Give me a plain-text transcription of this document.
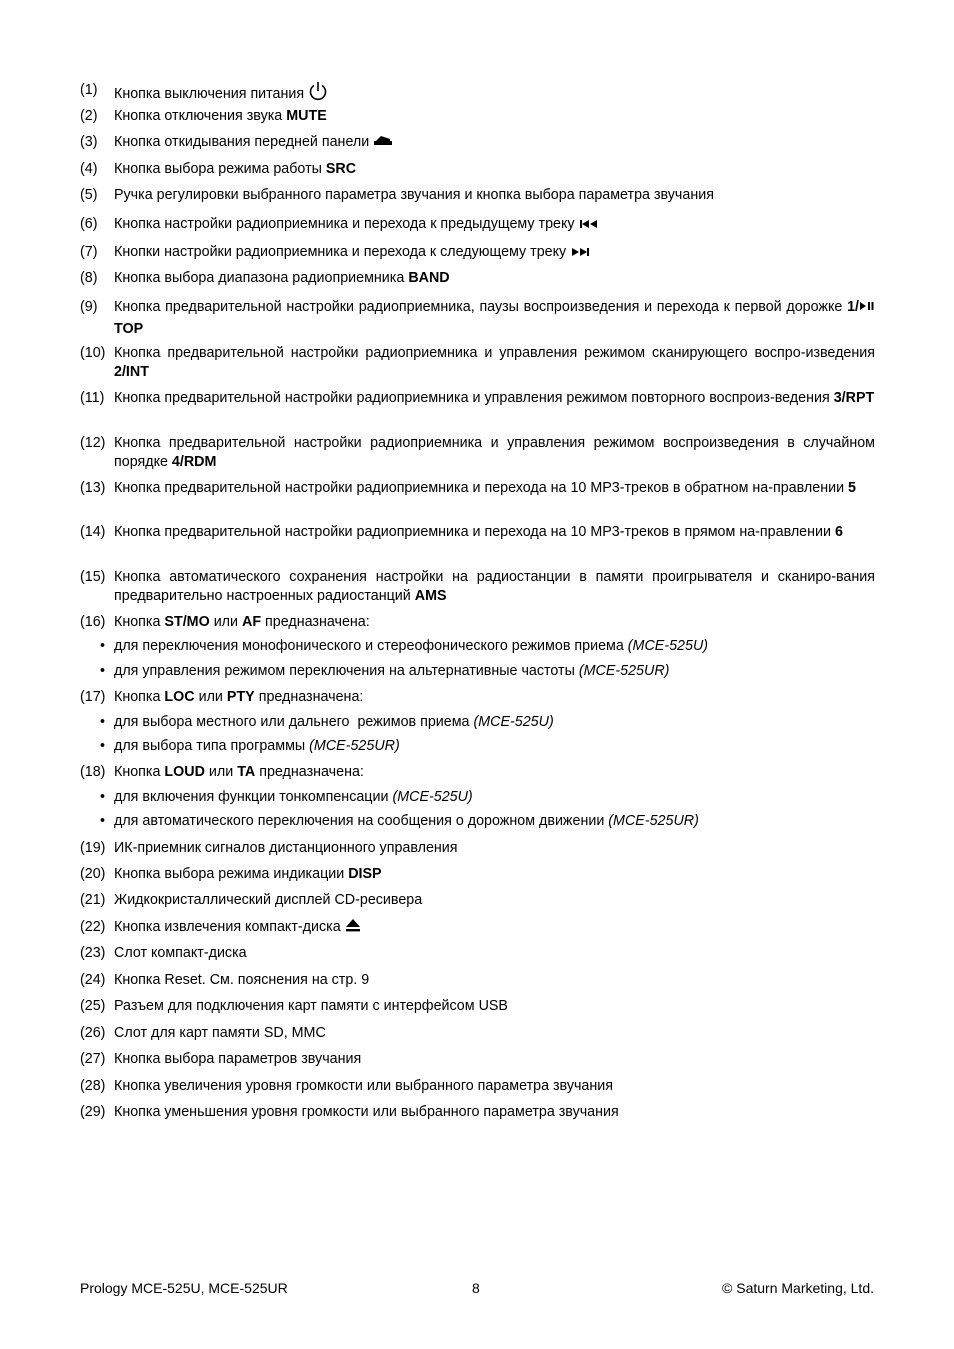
(1) Кнопка выключения питания
(2) Кнопка отключения звука MUTE
(3) Кнопка откидывания передней панели
(4) Кнопка выбора режима работы SRC
(5) Ручка регулировки выбранного параметра звучания и кнопка выбора параметра звучания
(6) Кнопка настройки радиоприемника и перехода к предыдущему треку
(7) Кнопки настройки радиоприемника и перехода к следующему треку
(8) Кнопка выбора диапазона радиоприемника BAND
(9) Кнопка предварительной настройки радиоприемника, паузы воспроизведения и перехода к первой дорожке 1/TOP
(10) Кнопка предварительной настройки радиоприемника и управления режимом сканирующего воспро-изведения 2/INT
(11) Кнопка предварительной настройки радиоприемника и управления режимом повторного воспроиз-ведения 3/RPT
(12) Кнопка предварительной настройки радиоприемника и управления режимом воспроизведения в случайном порядке 4/RDM
(13) Кнопка предварительной настройки радиоприемника и перехода на 10 MP3-треков в обратном на-правлении 5
(14) Кнопка предварительной настройки радиоприемника и перехода на 10 MP3-треков в прямом на-правлении 6
(15) Кнопка автоматического сохранения настройки на радиостанции в памяти проигрывателя и сканиро-вания предварительно настроенных радиостанций AMS
(16) Кнопка ST/MO или AF предназначена:
• для переключения монофонического и стереофонического режимов приема (MCE-525U)
• для управления режимом переключения на альтернативные частоты (MCE-525UR)
(17) Кнопка LOC или PTY предназначена:
• для выбора местного или дальнего  режимов приема (MCE-525U)
• для выбора типа программы (MCE-525UR)
(18) Кнопка LOUD или TA предназначена:
• для включения функции тонкомпенсации (MCE-525U)
• для автоматического переключения на сообщения о дорожном движении (MCE-525UR)
(19) ИК-приемник сигналов дистанционного управления
(20) Кнопка выбора режима индикации DISP
(21) Жидкокристаллический дисплей CD-ресивера
(22) Кнопка извлечения компакт-диска
(23) Слот компакт-диска
(24) Кнопка Reset. См. пояснения на стр. 9
(25) Разъем для подключения карт памяти с интерфейсом USB
(26) Слот для карт памяти SD, MMC
(27) Кнопка выбора параметров звучания
(28) Кнопка увеличения уровня громкости или выбранного параметра звучания
(29) Кнопка уменьшения уровня громкости или выбранного параметра звучания
Prology MCE-525U, MCE-525UR	8	© Saturn Marketing, Ltd.
